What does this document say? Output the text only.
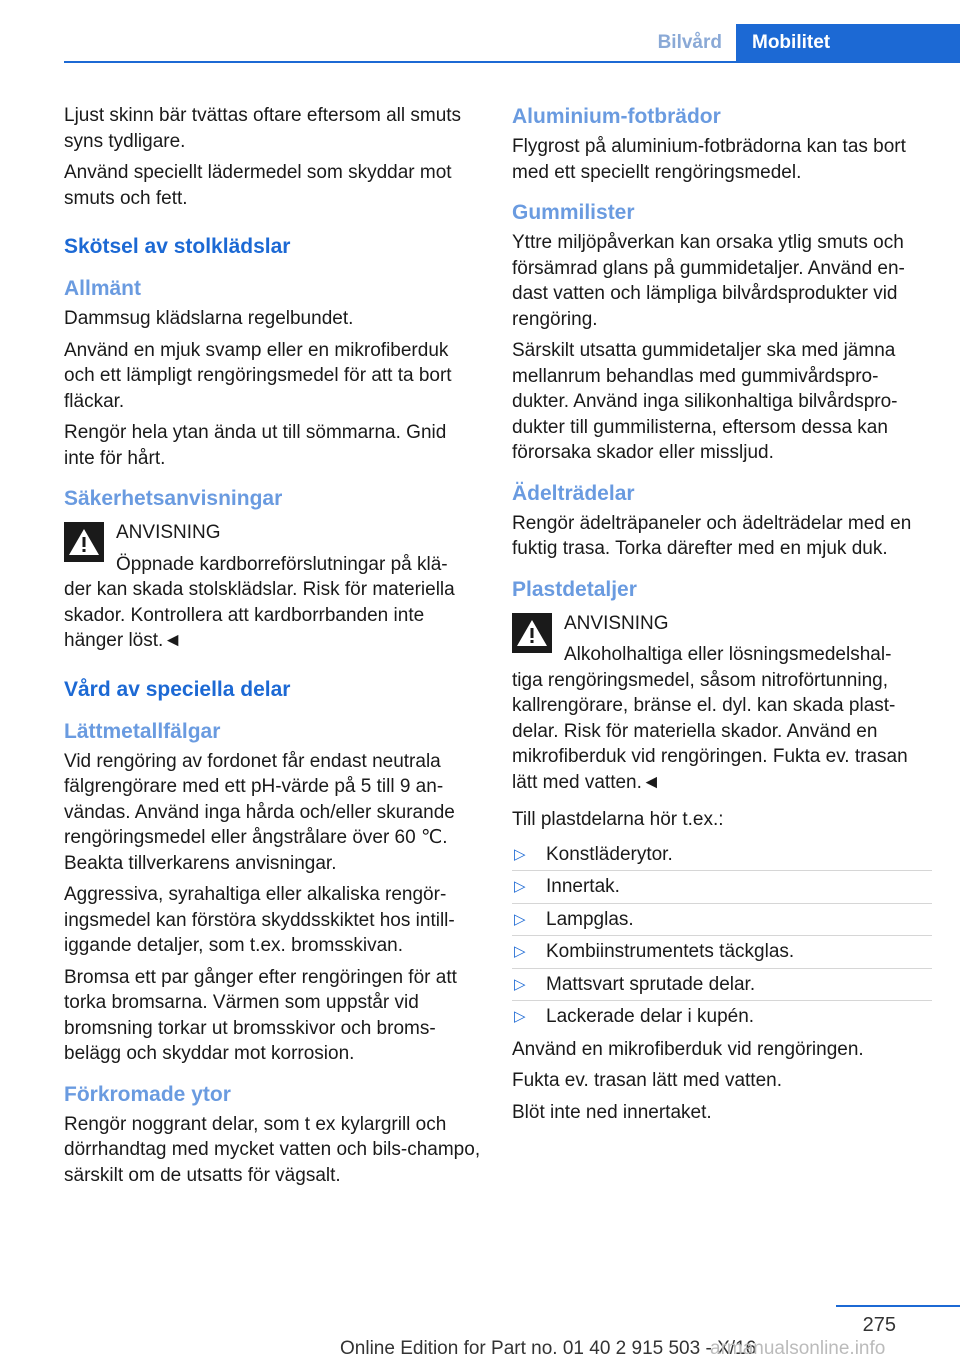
Bilvård	Mobilitet

Ljust skinn bär tvättas oftare eftersom all smuts syns tydligare.

Använd speciellt lädermedel som skyddar mot smuts och fett.

Skötsel av stolklädslar
Allmänt

Dammsug klädslarna regelbundet.

Använd en mjuk svamp eller en mikrofiberduk och ett lämpligt rengöringsmedel för att ta bort fläckar.

Rengör hela ytan ända ut till sömmarna. Gnid inte för hårt.

Säkerhetsanvisningar
ANVISNING
Öppnade kardborreförslutningar på klä-

der kan skada stolsklädslar. Risk för materiella skador. Kontrollera att kardborrbanden inte hänger löst.◄

Vård av speciella delar
Lättmetallfälgar

Vid rengöring av fordonet får endast neutrala fälgrengörare med ett pH-värde på 5 till 9 an-vändas. Använd inga hårda och/eller skurande rengöringsmedel eller ångstrålare över 60 ℃. Beakta tillverkarens anvisningar.

Aggressiva, syrahaltiga eller alkaliska rengör-ingsmedel kan förstöra skyddsskiktet hos intill-iggande detaljer, som t.ex. bromsskivan.

Bromsa ett par gånger efter rengöringen för att torka bromsarna. Värmen som uppstår vid bromsning torkar ut bromsskivor och broms-belägg och skyddar mot korrosion.

Förkromade ytor

Rengör noggrant delar, som t ex kylargrill och dörrhandtag med mycket vatten och bils-champo, särskilt om de utsatts för vägsalt.

Aluminium-fotbrädor

Flygrost på aluminium-fotbrädorna kan tas bort med ett speciellt rengöringsmedel.

Gummilister

Yttre miljöpåverkan kan orsaka ytlig smuts och försämrad glans på gummidetaljer. Använd en-dast vatten och lämpliga bilvårdsprodukter vid rengöring.

Särskilt utsatta gummidetaljer ska med jämna mellanrum behandlas med gummivårdspro-dukter. Använd inga silikonhaltiga bilvårdspro-dukter till gummilisterna, eftersom dessa kan förorsaka skador eller missljud.

Ädelträdelar

Rengör ädelträpaneler och ädelträdelar med en fuktig trasa. Torka därefter med en mjuk duk.

Plastdetaljer
ANVISNING
Alkoholhaltiga eller lösningsmedelshal-

tiga rengöringsmedel, såsom nitroförtunning, kallrengörare, bränse el. dyl. kan skada plast-delar. Risk för materiella skador. Använd en mikrofiberduk vid rengöringen. Fukta ev. trasan lätt med vatten.◄

Till plastdelarna hör t.ex.:

▷ Konstläderytor.
▷ Innertak.
▷ Lampglas.
▷ Kombiinstrumentets täckglas.
▷ Mattsvart sprutade delar.
▷ Lackerade delar i kupén.

Använd en mikrofiberduk vid rengöringen.

Fukta ev. trasan lätt med vatten.

Blöt inte ned innertaket.

275
Online Edition for Part no. 01 40 2 915 503 - X/16
armanualsonline.info
